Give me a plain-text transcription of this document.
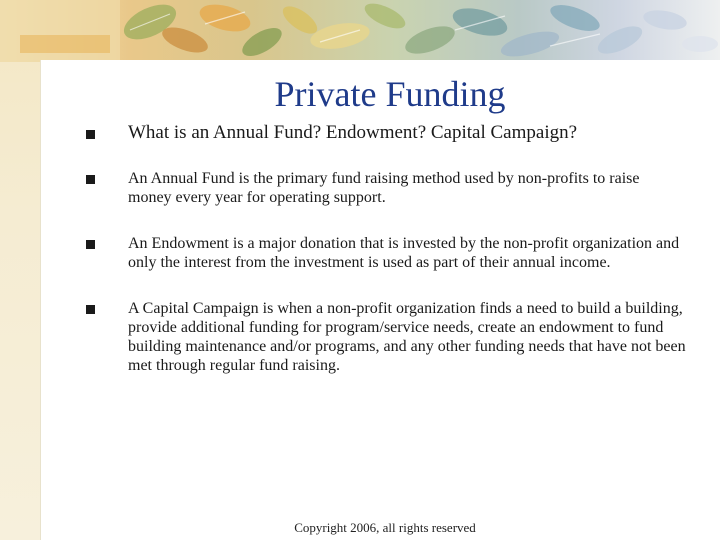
Private Funding
What is an Annual Fund? Endowment? Capital Campaign?
An Annual Fund is the primary fund raising method used by non-profits to raise money every year for operating support.
An Endowment is a major donation that is invested by the non-profit organization and only the interest from the investment is used as part of their annual income.
A Capital Campaign is when a non-profit organization finds a need to build a building, provide additional funding for program/service needs, create an endowment to fund building maintenance and/or programs, and any other funding needs that have not been met through regular fund raising.
Copyright 2006, all rights reserved
